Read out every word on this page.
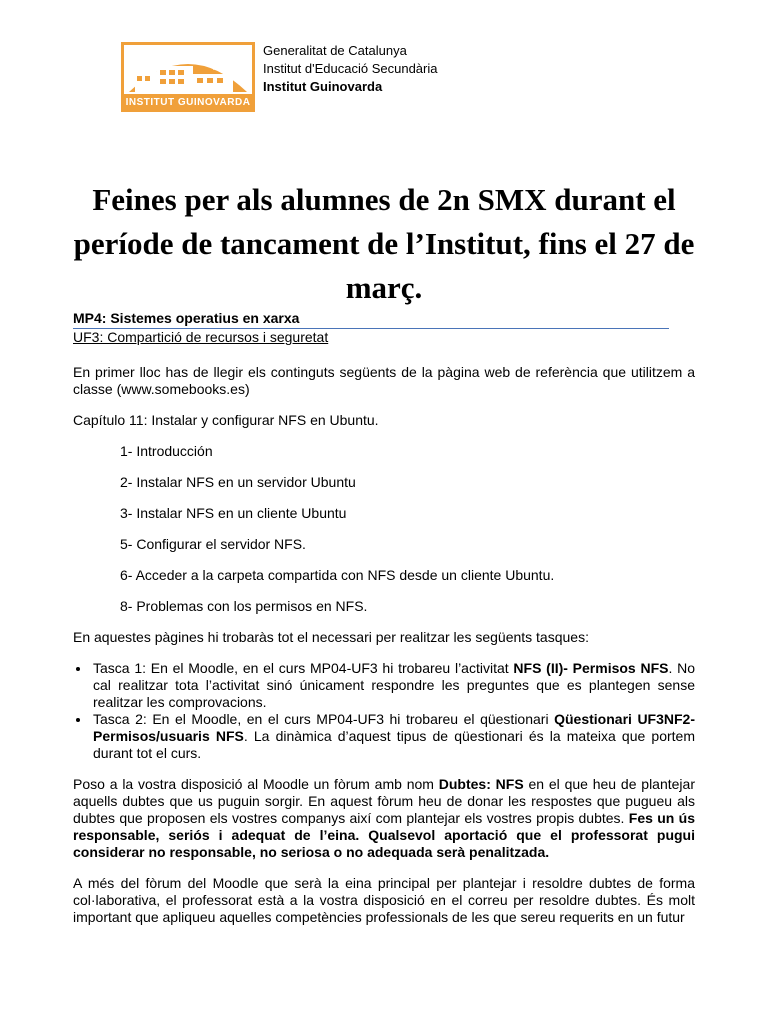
PIERA
INSTITUT GUINOVARDA
Generalitat de Catalunya
Institut d'Educació Secundària
Institut Guinovarda
Feines per als alumnes de 2n SMX durant el període de tancament de l’Institut, fins el 27 de març.
MP4: Sistemes operatius en xarxa
UF3: Compartició de recursos i seguretat

En primer lloc has de llegir els continguts següents de la pàgina web de referència que utilitzem a classe (www.somebooks.es)

Capítulo 11: Instalar y configurar NFS en Ubuntu.

1- Introducción
2- Instalar NFS en un servidor Ubuntu
3- Instalar NFS en un cliente Ubuntu
5- Configurar el servidor NFS.
6- Acceder a la carpeta compartida con NFS desde un cliente Ubuntu.
8- Problemas con los permisos en NFS.

En aquestes pàgines hi trobaràs tot el necessari per realitzar les següents tasques:

• Tasca 1: En el Moodle, en el curs MP04-UF3 hi trobareu l’activitat NFS (II)- Permisos NFS. No cal realitzar tota l’activitat sinó únicament respondre les preguntes que es plantegen sense realitzar les comprovacions.
• Tasca 2: En el Moodle, en el curs MP04-UF3 hi trobareu el qüestionari Qüestionari UF3NF2- Permisos/usuaris NFS. La dinàmica d’aquest tipus de qüestionari és la mateixa que portem durant tot el curs.

Poso a la vostra disposició al Moodle un fòrum amb nom Dubtes: NFS en el que heu de plantejar aquells dubtes que us puguin sorgir. En aquest fòrum heu de donar les respostes que pugueu als dubtes que proposen els vostres companys així com plantejar els vostres propis dubtes. Fes un ús responsable, seriós i adequat de l’eina. Qualsevol aportació que el professorat pugui considerar no responsable, no seriosa o no adequada serà penalitzada.

A més del fòrum del Moodle que serà la eina principal per plantejar i resoldre dubtes de forma col·laborativa, el professorat està a la vostra disposició en el correu per resoldre dubtes. És molt important que apliqueu aquelles competències professionals de les que sereu requerits en un futur
